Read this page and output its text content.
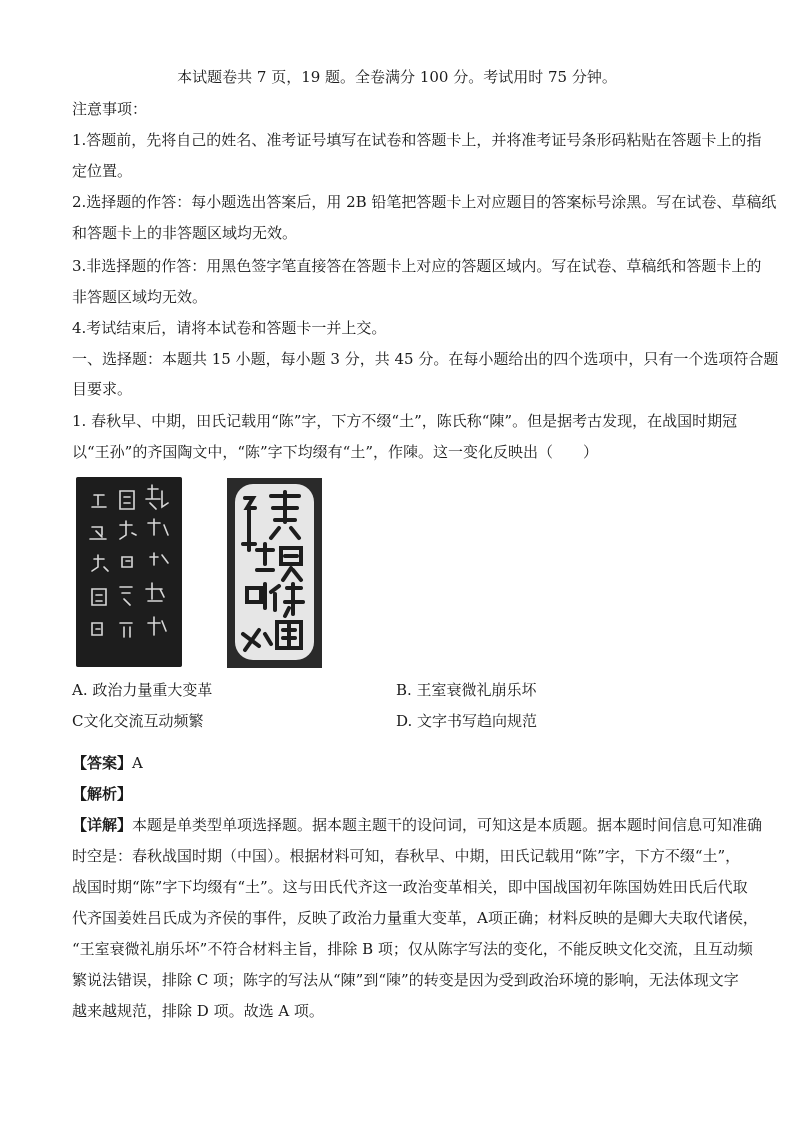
本试题卷共 7 页，19 题。全卷满分 100 分。考试用时 75 分钟。
注意事项：
1.答题前，先将自己的姓名、准考证号填写在试卷和答题卡上，并将准考证号条形码粘贴在答题卡上的指
定位置。
2.选择题的作答：每小题选出答案后，用 2B 铅笔把答题卡上对应题目的答案标号涂黑。写在试卷、草稿纸
和答题卡上的非答题区域均无效。
3.非选择题的作答：用黑色签字笔直接答在答题卡上对应的答题区域内。写在试卷、草稿纸和答题卡上的
非答题区域均无效。
4.考试结束后，请将本试卷和答题卡一并上交。
一、选择题：本题共 15 小题，每小题 3 分，共 45 分。在每小题给出的四个选项中，只有一个选项符合题
目要求。
1. 春秋早、中期，田氏记载用“陈”字，下方不缀“土”，陈氏称“陳”。但是据考古发现，在战国时期冠
以“王孙”的齐国陶文中，“陈”字下均缀有“土”，作𨻰。这一变化反映出（　　）
A. 政治力量重大变革	B. 王室衰微礼崩乐坏
C文化交流互动频繁	D. 文字书写趋向规范
【答案】A
【解析】
【详解】本题是单类型单项选择题。据本题主题干的设问词，可知这是本质题。据本题时间信息可知准确
时空是：春秋战国时期（中国）。根据材料可知，春秋早、中期，田氏记载用“陈”字，下方不缀“土”，
战国时期“陈”字下均缀有“土”。这与田氏代齐这一政治变革相关，即中国战国初年陈国妫姓田氏后代取
代齐国姜姓吕氏成为齐侯的事件，反映了政治力量重大变革，A项正确；材料反映的是卿大夫取代诸侯，
“王室衰微礼崩乐坏”不符合材料主旨，排除 B 项；仅从陈字写法的变化，不能反映文化交流，且互动频
繁说法错误，排除 C 项；陈字的写法从“陳”到“𨻰”的转变是因为受到政治环境的影响，无法体现文字
越来越规范，排除 D 项。故选 A 项。
